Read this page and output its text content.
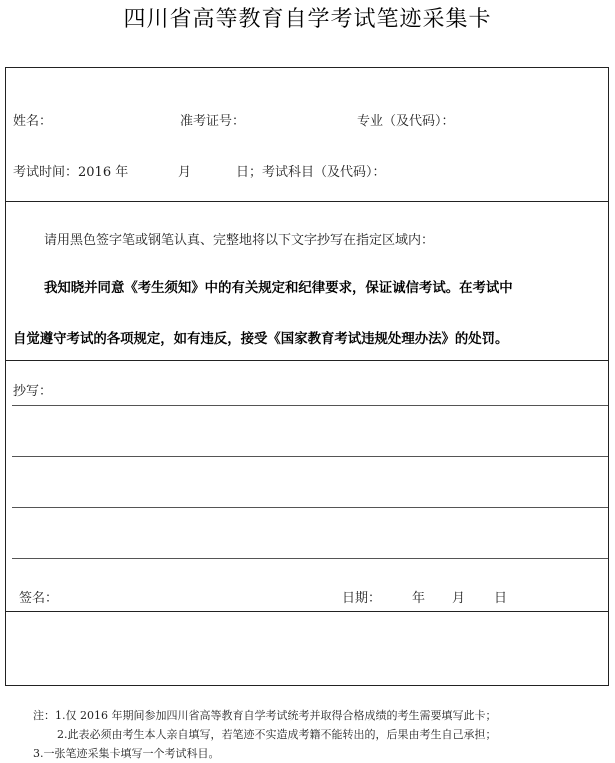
四川省高等教育自学考试笔迹采集卡
姓名：	准考证号：	专业（及代码）：
考试时间：2016 年	月	日；考试科目（及代码）：
请用黑色签字笔或钢笔认真、完整地将以下文字抄写在指定区域内：
我知晓并同意《考生须知》中的有关规定和纪律要求，保证诚信考试。在考试中
自觉遵守考试的各项规定，如有违反，接受《国家教育考试违规处理办法》的处罚。
抄写：
签名：	日期： 年 月 日
注：1.仅 2016 年期间参加四川省高等教育自学考试统考并取得合格成绩的考生需要填写此卡；
2.此表必须由考生本人亲自填写，若笔迹不实造成考籍不能转出的，后果由考生自己承担；
3.一张笔迹采集卡填写一个考试科目。
